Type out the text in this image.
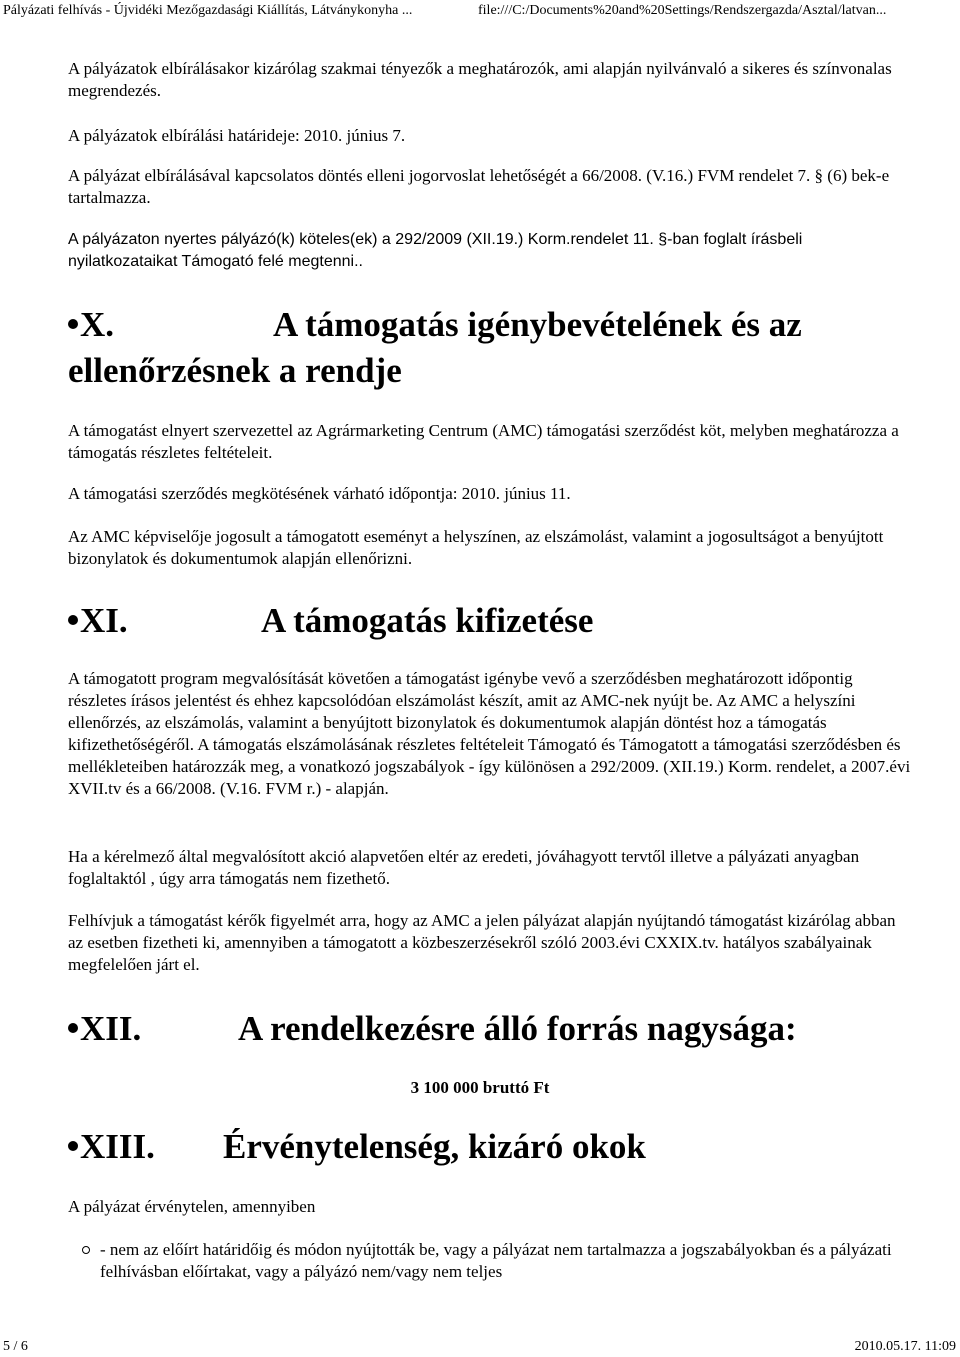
Pályázati felhívás - Újvidéki Mezőgazdasági Kiállítás, Látványkonyha ...	file:///C:/Documents%20and%20Settings/Rendszergazda/Asztal/latvan...

A pályázatok elbírálásakor kizárólag szakmai tényezők a meghatározók, ami alapján nyilvánvaló a sikeres és színvonalas megrendezés.

A pályázatok elbírálási határideje: 2010. június 7.

A pályázat elbírálásával kapcsolatos döntés elleni jogorvoslat lehetőségét a 66/2008. (V.16.) FVM rendelet 7. § (6) bek-e tartalmazza.

A pályázaton nyertes pályázó(k) köteles(ek) a 292/2009 (XII.19.) Korm.rendelet 11. §-ban foglalt írásbeli nyilatkozataikat Támogató felé megtenni..

X.	A támogatás igénybevételének és az
ellenőrzésnek a rendje

A támogatást elnyert szervezettel az Agrármarketing Centrum (AMC) támogatási szerződést köt, melyben meghatározza a támogatás részletes feltételeit.

A támogatási szerződés megkötésének várható időpontja: 2010. június 11.

Az AMC képviselője jogosult a támogatott eseményt a helyszínen, az elszámolást, valamint a jogosultságot a benyújtott bizonylatok és dokumentumok alapján ellenőrizni.

XI.	A támogatás kifizetése

A támogatott program megvalósítását követően a támogatást igénybe vevő a szerződésben meghatározott időpontig részletes írásos jelentést és ehhez kapcsolódóan elszámolást készít, amit az AMC-nek nyújt be. Az AMC a helyszíni ellenőrzés, az elszámolás, valamint a benyújtott bizonylatok és dokumentumok alapján döntést hoz a támogatás kifizethetőségéről. A támogatás elszámolásának részletes feltételeit Támogató és Támogatott a támogatási szerződésben és mellékleteiben határozzák meg, a vonatkozó jogszabályok - így különösen a 292/2009. (XII.19.) Korm. rendelet, a 2007.évi XVII.tv és a 66/2008. (V.16. FVM r.) - alapján.

Ha a kérelmező által megvalósított akció alapvetően eltér az eredeti, jóváhagyott tervtől illetve a pályázati anyagban foglaltaktól , úgy arra támogatás nem fizethető.

Felhívjuk a támogatást kérők figyelmét arra, hogy az AMC a jelen pályázat alapján nyújtandó támogatást kizárólag abban az esetben fizetheti ki, amennyiben a támogatott a közbeszerzésekről szóló 2003.évi CXXIX.tv. hatályos szabályainak megfelelően járt el.

XII.	A rendelkezésre álló forrás nagysága:
3 100 000 bruttó Ft
XIII. Érvénytelenség, kizáró okok

A pályázat érvénytelen, amennyiben

- nem az előírt határidőig és módon nyújtották be, vagy a pályázat nem tartalmazza a jogszabályokban és a pályázati felhívásban előírtakat, vagy a pályázó nem/vagy nem teljes
5 / 6	2010.05.17. 11:09
